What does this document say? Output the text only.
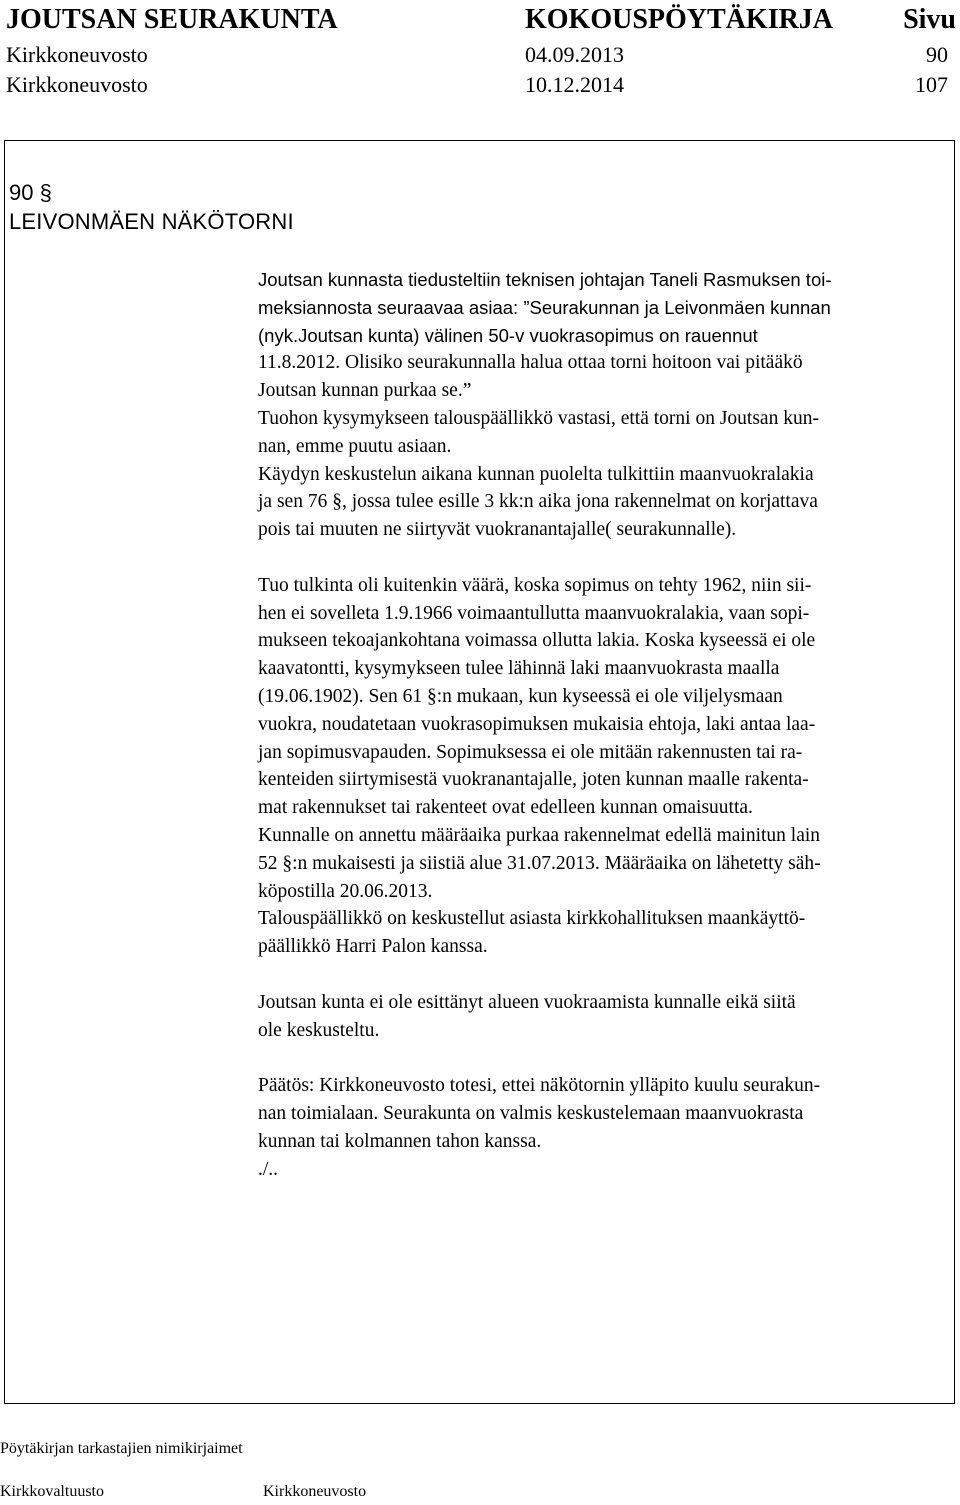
JOUTSAN SEURAKUNTA	KOKOUSPÖYTÄKIRJA	Sivu
Kirkkoneuvosto	04.09.2013	90
Kirkkoneuvosto	10.12.2014	107
90 §
LEIVONMÄEN NÄKÖTORNI
Joutsan kunnasta tiedusteltiin teknisen johtajan Taneli Rasmuksen toi-
meksiannosta seuraavaa asiaa: ”Seurakunnan ja Leivonmäen kunnan
(nyk.Joutsan kunta) välinen 50-v vuokrasopimus on rauennut
11.8.2012. Olisiko seurakunnalla halua ottaa torni hoitoon vai pitääkö
Joutsan kunnan purkaa se.”
Tuohon kysymykseen talouspäällikkö vastasi, että torni on Joutsan kun-
nan, emme puutu asiaan.
Käydyn keskustelun aikana kunnan puolelta tulkittiin maanvuokralakia
ja sen 76 §, jossa tulee esille 3 kk:n aika jona rakennelmat on korjattava
pois tai muuten ne siirtyvät vuokranantajalle( seurakunnalle).
Tuo tulkinta oli kuitenkin väärä, koska sopimus on tehty 1962, niin sii-
hen ei sovelleta 1.9.1966 voimaantullutta maanvuokralakia, vaan sopi-
mukseen tekoajankohtana voimassa ollutta lakia. Koska kyseessä ei ole
kaavatontti, kysymykseen tulee lähinnä laki maanvuokrasta maalla
(19.06.1902). Sen 61 §:n mukaan, kun kyseessä ei ole viljelysmaan
vuokra, noudatetaan vuokrasopimuksen mukaisia ehtoja, laki antaa laa-
jan sopimusvapauden. Sopimuksessa ei ole mitään rakennusten tai ra-
kenteiden siirtymisestä vuokranantajalle, joten kunnan maalle rakenta-
mat rakennukset tai rakenteet ovat edelleen kunnan omaisuutta.
Kunnalle on annettu määräaika purkaa rakennelmat edellä mainitun lain
52 §:n mukaisesti ja siistiä alue 31.07.2013. Määräaika on lähetetty säh-
köpostilla 20.06.2013.
Talouspäällikkö on keskustellut asiasta kirkkohallituksen maankäyttö-
päällikkö Harri Palon kanssa.
Joutsan kunta ei ole esittänyt alueen vuokraamista kunnalle eikä siitä
ole keskusteltu.
Päätös: Kirkkoneuvosto totesi, ettei näkötornin ylläpito kuulu seurakun-
nan toimialaan. Seurakunta on valmis keskustelemaan maanvuokrasta
kunnan tai kolmannen tahon kanssa.
./..
Pöytäkirjan tarkastajien nimikirjaimet
Kirkkovaltuusto	Kirkkoneuvosto
